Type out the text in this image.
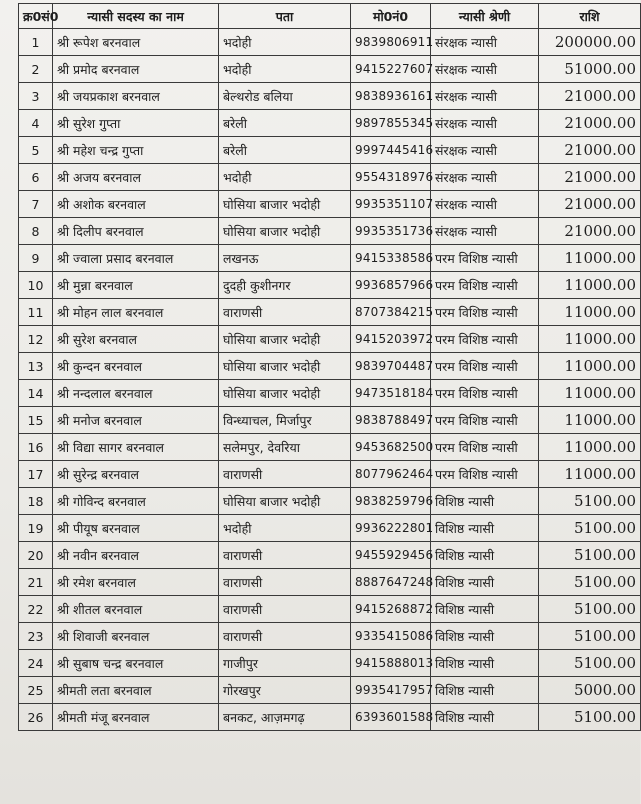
क्र0सं0	न्यासी सदस्य का नाम	पता	मो0नं0	न्यासी श्रेणी	राशि
1	श्री रूपेश बरनवाल	भदोही	9839806911	संरक्षक न्यासी	200000.00
2	श्री प्रमोद बरनवाल	भदोही	9415227607	संरक्षक न्यासी	51000.00
3	श्री जयप्रकाश बरनवाल	बेल्थरोड बलिया	9838936161	संरक्षक न्यासी	21000.00
4	श्री सुरेश गुप्ता	बरेली	9897855345	संरक्षक न्यासी	21000.00
5	श्री महेश चन्द्र गुप्ता	बरेली	9997445416	संरक्षक न्यासी	21000.00
6	श्री अजय बरनवाल	भदोही	9554318976	संरक्षक न्यासी	21000.00
7	श्री अशोक बरनवाल	घोसिया बाजार भदोही	9935351107	संरक्षक न्यासी	21000.00
8	श्री दिलीप बरनवाल	घोसिया बाजार भदोही	9935351736	संरक्षक न्यासी	21000.00
9	श्री ज्वाला प्रसाद बरनवाल	लखनऊ	9415338586	परम विशिष्ठ न्यासी	11000.00
10	श्री मुन्ना बरनवाल	दुदही कुशीनगर	9936857966	परम विशिष्ठ न्यासी	11000.00
11	श्री मोहन लाल बरनवाल	वाराणसी	8707384215	परम विशिष्ठ न्यासी	11000.00
12	श्री सुरेश बरनवाल	घोसिया बाजार भदोही	9415203972	परम विशिष्ठ न्यासी	11000.00
13	श्री कुन्दन बरनवाल	घोसिया बाजार भदोही	9839704487	परम विशिष्ठ न्यासी	11000.00
14	श्री नन्दलाल बरनवाल	घोसिया बाजार भदोही	9473518184	परम विशिष्ठ न्यासी	11000.00
15	श्री मनोज बरनवाल	विन्ध्याचल, मिर्जापुर	9838788497	परम विशिष्ठ न्यासी	11000.00
16	श्री विद्या सागर बरनवाल	सलेमपुर, देवरिया	9453682500	परम विशिष्ठ न्यासी	11000.00
17	श्री सुरेन्द्र बरनवाल	वाराणसी	8077962464	परम विशिष्ठ न्यासी	11000.00
18	श्री गोविन्द बरनवाल	घोसिया बाजार भदोही	9838259796	विशिष्ठ न्यासी	5100.00
19	श्री पीयूष बरनवाल	भदोही	9936222801	विशिष्ठ न्यासी	5100.00
20	श्री नवीन बरनवाल	वाराणसी	9455929456	विशिष्ठ न्यासी	5100.00
21	श्री रमेश बरनवाल	वाराणसी	8887647248	विशिष्ठ न्यासी	5100.00
22	श्री शीतल बरनवाल	वाराणसी	9415268872	विशिष्ठ न्यासी	5100.00
23	श्री शिवाजी बरनवाल	वाराणसी	9335415086	विशिष्ठ न्यासी	5100.00
24	श्री सुबाष चन्द्र बरनवाल	गाजीपुर	9415888013	विशिष्ठ न्यासी	5100.00
25	श्रीमती लता बरनवाल	गोरखपुर	9935417957	विशिष्ठ न्यासी	5000.00
26	श्रीमती मंजू बरनवाल	बनकट, आज़मगढ़	6393601588	विशिष्ठ न्यासी	5100.00
